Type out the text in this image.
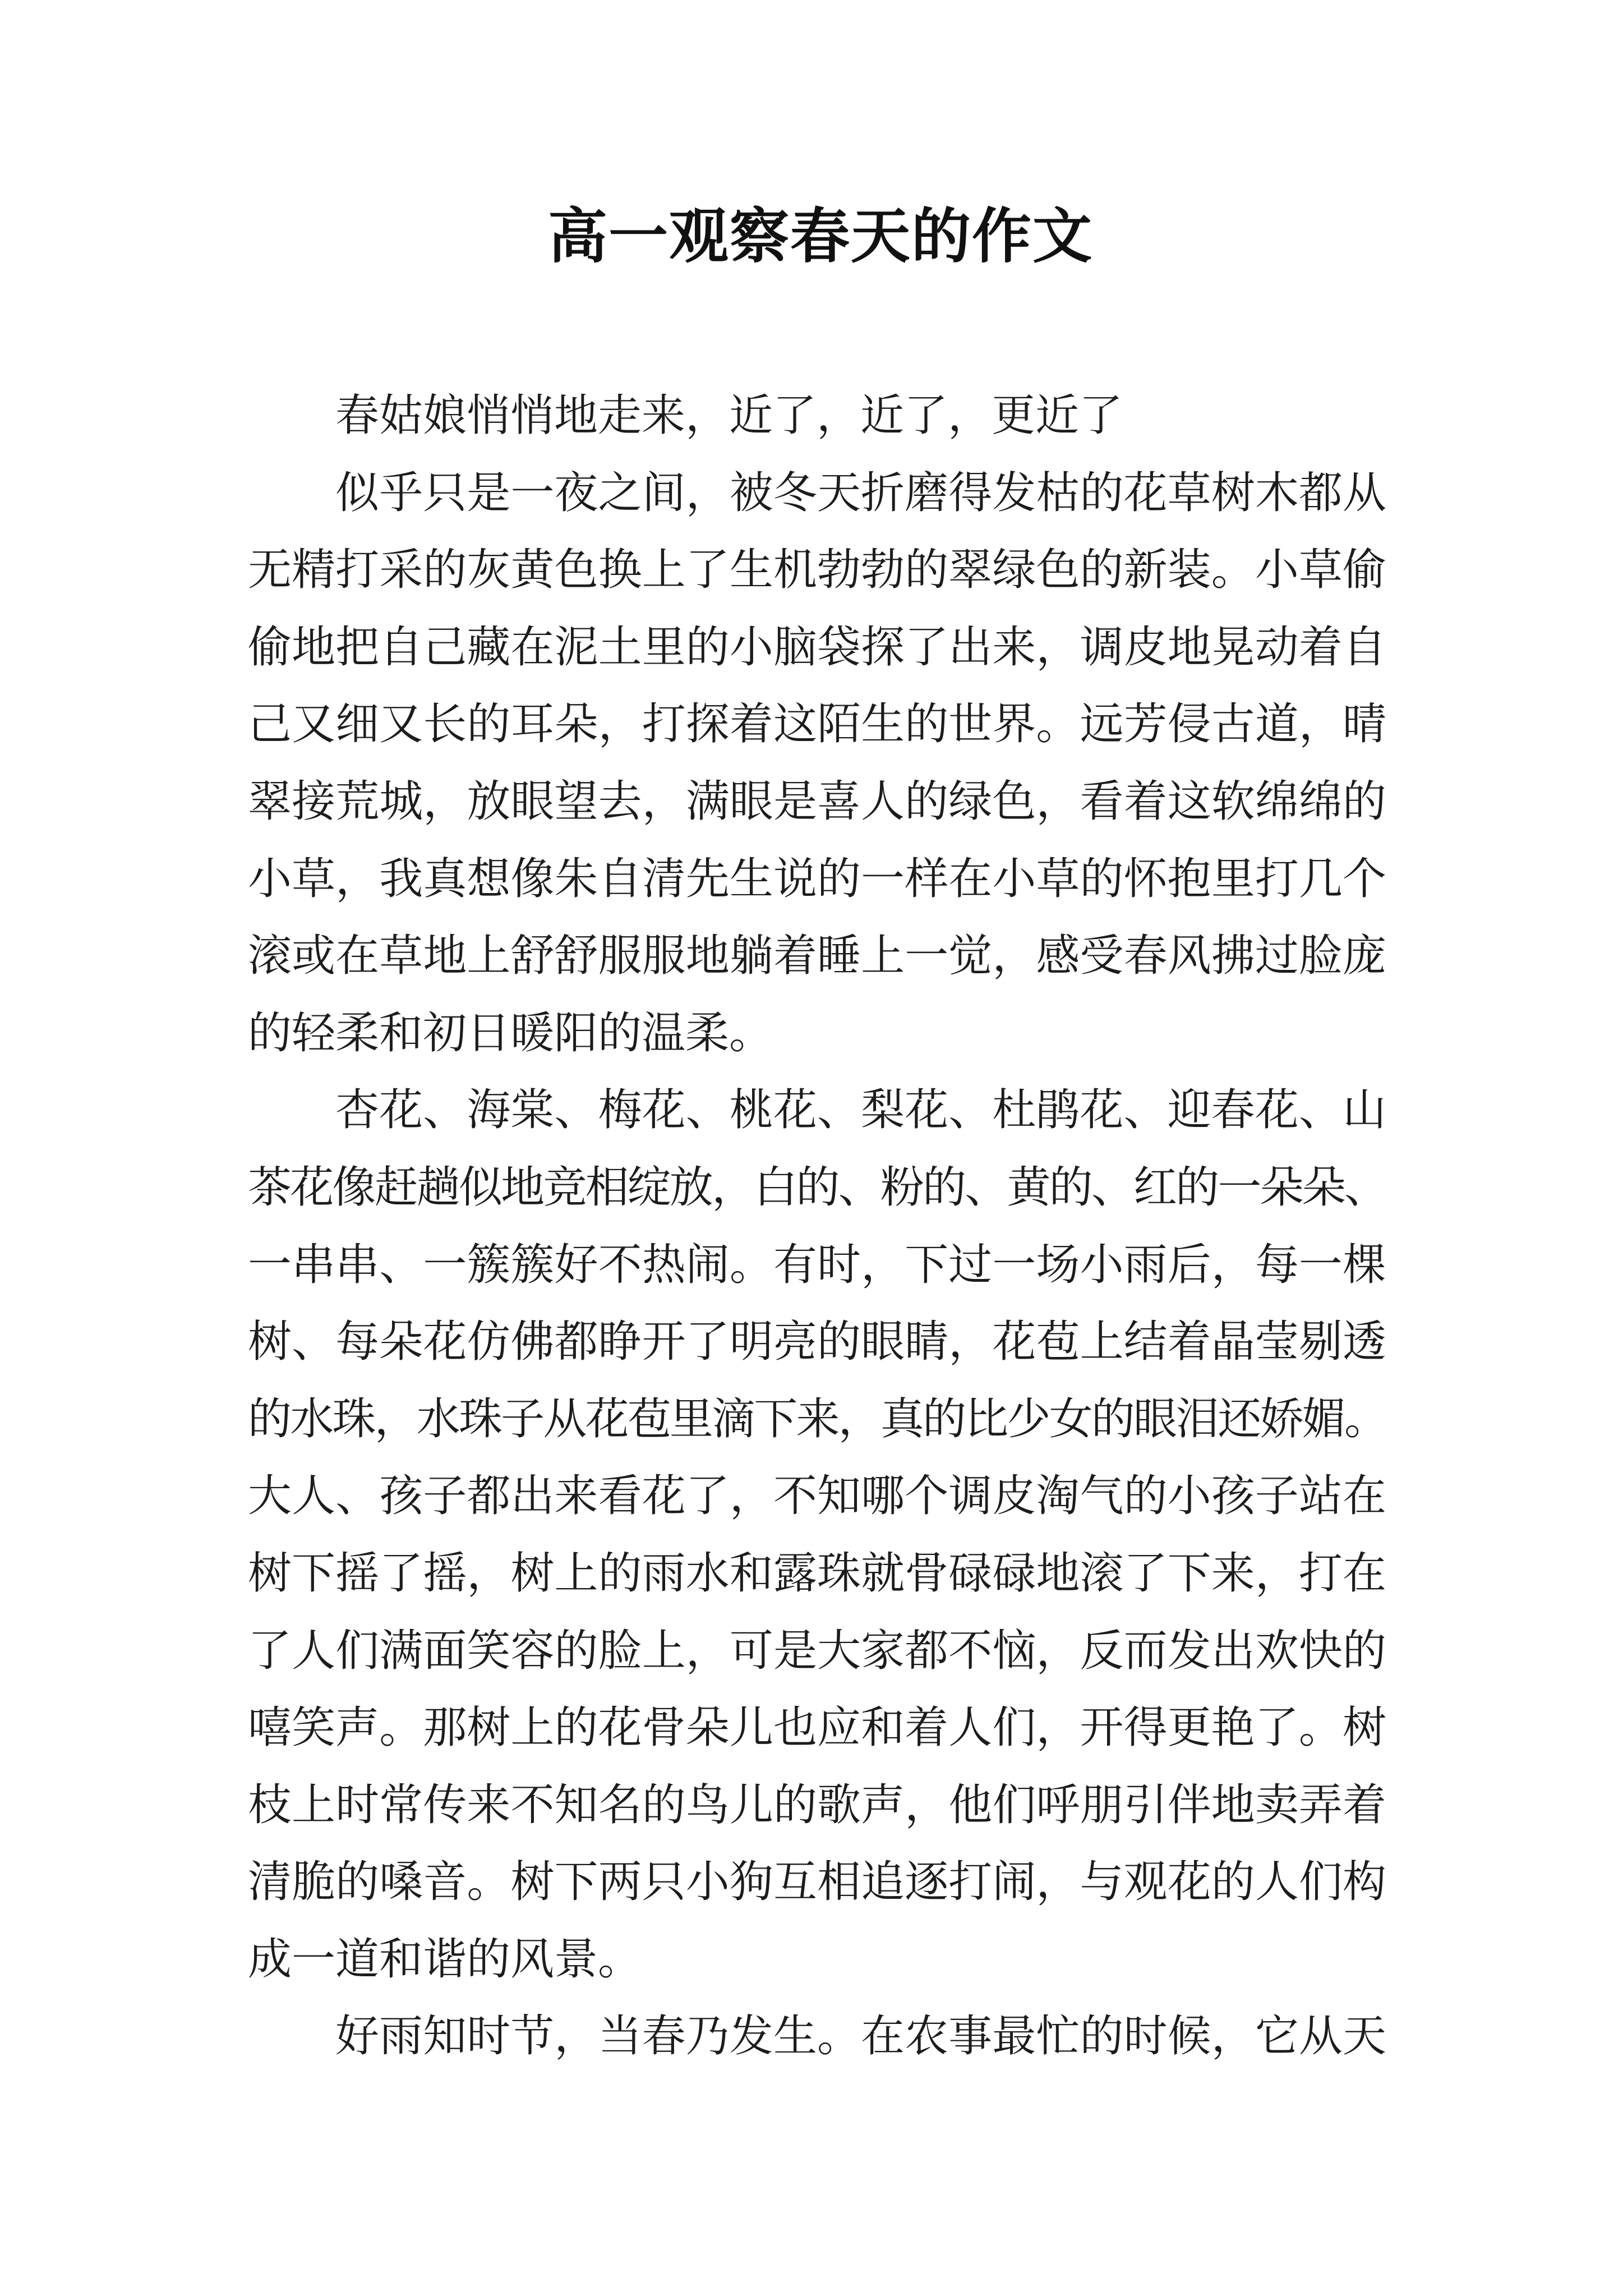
高一观察春天的作文
春姑娘悄悄地走来，近了，近了，更近了
似乎只是一夜之间，被冬天折磨得发枯的花草树木都从
无精打采的灰黄色换上了生机勃勃的翠绿色的新装。小草偷
偷地把自己藏在泥土里的小脑袋探了出来，调皮地晃动着自
己又细又长的耳朵，打探着这陌生的世界。远芳侵古道，晴
翠接荒城，放眼望去，满眼是喜人的绿色，看着这软绵绵的
小草，我真想像朱自清先生说的一样在小草的怀抱里打几个
滚或在草地上舒舒服服地躺着睡上一觉，感受春风拂过脸庞
的轻柔和初日暖阳的温柔。
杏花、海棠、梅花、桃花、梨花、杜鹃花、迎春花、山
茶花像赶趟似地竞相绽放，白的、粉的、黄的、红的一朵朵、
一串串、一簇簇好不热闹。有时，下过一场小雨后，每一棵
树、每朵花仿佛都睁开了明亮的眼睛，花苞上结着晶莹剔透
的水珠，水珠子从花苞里滴下来，真的比少女的眼泪还娇媚。
大人、孩子都出来看花了，不知哪个调皮淘气的小孩子站在
树下摇了摇，树上的雨水和露珠就骨碌碌地滚了下来，打在
了人们满面笑容的脸上，可是大家都不恼，反而发出欢快的
嘻笑声。那树上的花骨朵儿也应和着人们，开得更艳了。树
枝上时常传来不知名的鸟儿的歌声，他们呼朋引伴地卖弄着
清脆的嗓音。树下两只小狗互相追逐打闹，与观花的人们构
成一道和谐的风景。
好雨知时节，当春乃发生。在农事最忙的时候，它从天
